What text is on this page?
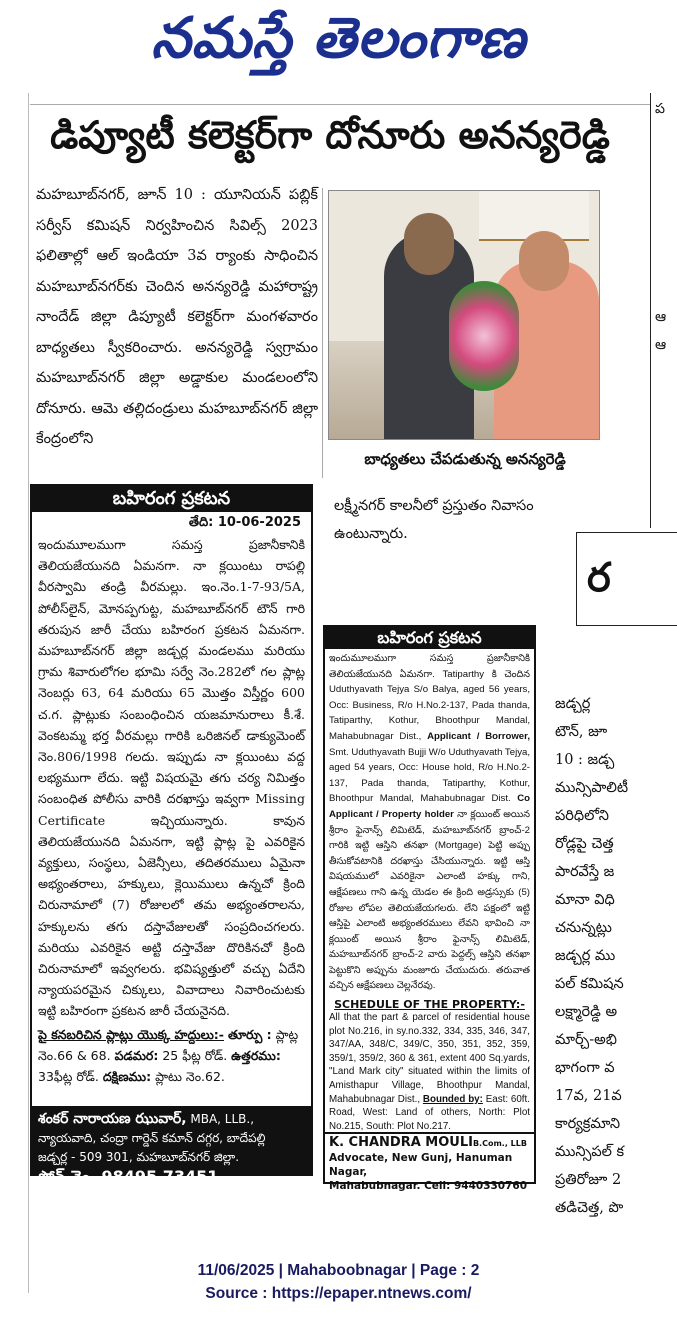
నమస్తే తెలంగాణ
ప
ఆ
ఆ
డిప్యూటీ కలెక్టర్‌గా దోనూరు అనన్యరెడ్డి
మహబూబ్‌నగర్‌, జూన్‌ 10 : యూనియన్‌ పబ్లిక్‌ సర్వీస్‌ కమిషన్‌ నిర్వహించిన సివిల్స్‌ 2023 ఫలితాల్లో ఆల్‌ ఇండియా 3వ ర్యాంకు సాధించిన మహబూబ్‌నగర్‌కు చెందిన అనన్యరెడ్డి మహారాష్ట్ర నాందేడ్‌ జిల్లా డిప్యూటీ కలెక్టర్‌గా మంగళవారం బాధ్యతలు స్వీకరించారు. అనన్యరెడ్డి స్వగ్రామం మహబూబ్‌నగర్‌ జిల్లా అడ్డాకుల మండలంలోని దోనూరు. ఆమె తల్లిదండ్రులు మహబూబ్‌నగర్‌ జిల్లా కేంద్రంలోని
బాధ్యతలు చేపడుతున్న అనన్యరెడ్డి
లక్ష్మీనగర్‌ కాలనీలో ప్రస్తుతం నివాసం ఉంటున్నారు.
బహిరంగ ప్రకటన
తేది: 10-06-2025
ఇందుమూలముగా సమస్త ప్రజానీకానికి తెలియజేయునది ఏమనగా. నా క్లయింటు రాపల్లి వీరస్వామి తండ్రి వీరమల్లు. ఇం.నెం.1-7-93/5A, పోలీస్‌లైన్‌, మోనప్పగుట్ట, మహబూబ్‌నగర్‌ టౌన్‌ గారి తరుపున జారీ చేయు బహిరంగ ప్రకటన ఏమనగా. మహబూబ్‌నగర్‌ జిల్లా జడ్చర్ల మండలము మరియు గ్రామ శివారులోగల భూమి సర్వే నెం.282లో గల ప్లాట్ల నెంబర్లు 63, 64 మరియు 65 మొత్తం విస్తీర్ణం 600 చ.గ. ప్లాట్లుకు సంబంధించిన యజమానురాలు కీ.శే. వెంకటమ్మ భర్త వీరమల్లు గారికి ఒరిజినల్‌ డాక్యుమెంట్‌ నెం.806/1998 గలదు. ఇప్పుడు నా క్లయింటు వద్ద లభ్యముగా లేదు. ఇట్టి విషయమై తగు చర్య నిమిత్తం సంబంధిత పోలీసు వారికి దరఖాస్తు ఇవ్వగా Missing Certificate ఇచ్చియున్నారు. కావున తెలియజేయునది ఏమనగా, ఇట్టి ప్లాట్ల పై ఎవరికైన వ్యక్తులు, సంస్థలు, ఏజెన్సీలు, తదితరములు ఏమైనా అభ్యంతరాలు, హక్కులు, క్లెయిములు ఉన్నచో క్రింది చిరునామాలో (7) రోజులలో తమ అభ్యంతరాలను, హక్కులను తగు దస్తావేజులతో సంప్రదించగలరు. మరియు ఎవరికైన అట్టి దస్తావేజు దొరికినచో క్రింది చిరునామాలో ఇవ్వగలరు. భవిష్యత్తులో వచ్చు ఏదేని న్యాయపరమైన చిక్కులు, వివాదాలు నివారించుటకు ఇట్టి బహిరంగా ప్రకటన జారీ చేయనైనది.
పై కనబరిచిన ప్లాట్లు యొక్క హద్దులు:- తూర్పు : ప్లాట్ల నెం.66 & 68. పడమర: 25 ఫీట్ల రోడ్‌. ఉత్తరము: 33ఫీట్ల రోడ్‌. దక్షిణము: ప్లాటు నెం.62.
శంకర్‌ నారాయణ ఝువార్‌, MBA, LLB.,
న్యాయవాది, చంద్రా గార్డెన్‌ కమాన్‌ దగ్గర, బాదేపల్లి
జడ్చర్ల - 509 301, మహబూబ్‌నగర్‌ జిల్లా.
ఫోన్‌ నెం. 98495 73451
బహిరంగ ప్రకటన
ఇందుమూలముగా సమస్త ప్రజానీకానికి తెలియజేయునది ఏమనగా. Tatiparthy కి చెందిన Uduthyavath Tejya S/o Balya, aged 56 years, Occ: Business, R/o H.No.2-137, Pada thanda, Tatiparthy, Kothur, Bhoothpur Mandal, Mahabubnagar Dist., Applicant / Borrower, Smt. Uduthyavath Bujji W/o Uduthyavath Tejya, aged 54 years, Occ: House hold, R/o H.No.2-137, Pada thanda, Tatiparthy, Kothur, Bhoothpur Mandal, Mahabubnagar Dist. Co Applicant / Property holder నా క్లయింట్‌ అయిన శ్రీరాం ఫైనాన్స్‌ లిమిటెడ్‌, మహబూబ్‌నగర్‌ బ్రాంచ్‌-2 గారికి ఇట్టి ఆస్తిని తనఖా (Mortgage) పెట్టి అప్పు తీసుకోవటానికి దరఖాస్తు చేసియున్నారు. ఇట్టి ఆస్తి విషయములో ఎవరికైనా ఎలాంటి హక్కు గాని, ఆక్షేపణలు గాని ఉన్న యెడల ఈ క్రింది అడ్రస్సుకు (5) రోజుల లోపల తెలియజేయగలరు. లేని పక్షంలో ఇట్టి ఆస్తిపై ఎలాంటి అభ్యంతరములు లేవని భావించి నా క్లయింట్‌ అయిన శ్రీరాం ఫైనాన్స్‌ లిమిటెడ్‌, మహబూబ్‌నగర్‌ బ్రాంచ్‌-2 వారు పెద్దల్స్‌ ఆస్తిని తనఖా పెట్టుకొని అప్పును మంజూరు చేయుదురు. తరువాత వచ్చిన ఆక్షేపణలు చెల్లనేరవు.
SCHEDULE OF THE PROPERTY:-
All that the part & parcel of residential house plot No.216, in sy.no.332, 334, 335, 346, 347, 347/AA, 348/C, 349/C, 350, 351, 352, 359, 359/1, 359/2, 360 & 361, extent 400 Sq.yards, "Land Mark city" situated within the limits of Amisthapur Village, Bhoothpur Mandal, Mahabubnagar Dist., Bounded by: East: 60ft. Road, West: Land of others, North: Plot No.215, South: Plot No.217.
K. CHANDRA MOULIB.Com., LLB
Advocate, New Gunj, Hanuman Nagar,
Mahabubnagar. Cell: 9440330760
ర
జడ్చర్ల
టౌన్‌, జూ
10 : జడ్చ
మున్సిపాలిటీ
పరిధిలోని
రోడ్లపై చెత్త
పారవేస్తే జ
మానా విధి
చనున్నట్లు
జడ్చర్ల ము
పల్‌ కమిషన
లక్ష్మారెడ్డి అ
మార్చ్‌-అభి
భాగంగా వ
17వ, 21వ
కార్యక్రమాని
మున్సిపల్‌ క
ప్రతిరోజూ 2
తడిచెత్త, పొ
11/06/2025 | Mahaboobnagar | Page : 2
Source : https://epaper.ntnews.com/
